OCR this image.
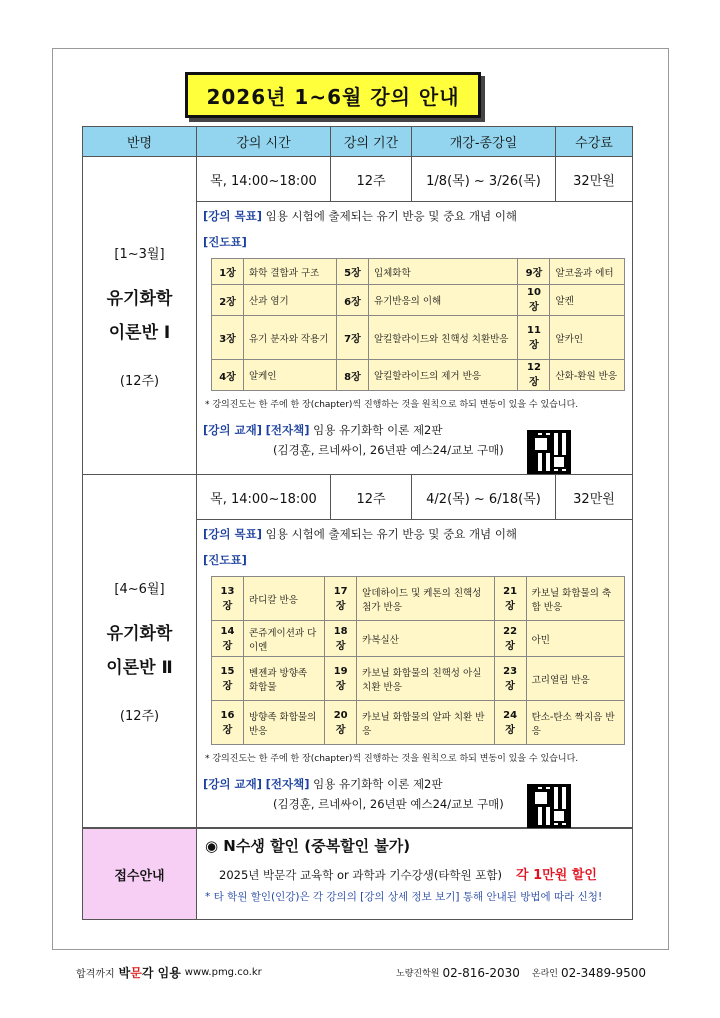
2026년 1~6월 강의 안내
반명	강의 시간	강의 기간	개강-종강일	수강료
[1~3월]
유기화학
이론반 Ⅰ
(12주)
목, 14:00~18:00	12주	1/8(목) ~ 3/26(목)	32만원
[강의 목표] 임용 시험에 출제되는 유기 반응 및 중요 개념 이해
[진도표]
1장	화학 결합과 구조	5장	입체화학	9장	알코올과 에터
2장	산과 염기	6장	유기반응의 이해	10장	알켄
3장	유기 분자와 작용기	7장	알킬할라이드와 친핵성 치환반응	11장	알카인
4장	알케인	8장	알킬할라이드의 제거 반응	12장	산화-환원 반응
* 강의진도는 한 주에 한 장(chapter)씩 진행하는 것을 원칙으로 하되 변동이 있을 수 있습니다.
[강의 교재] [전자책] 임용 유기화학 이론 제2판
(김경훈, 르네싸이, 26년판 예스24/교보 구매)
[4~6월]
유기화학
이론반 Ⅱ
(12주)
목, 14:00~18:00	12주	4/2(목) ~ 6/18(목)	32만원
[강의 목표] 임용 시험에 출제되는 유기 반응 및 중요 개념 이해
[진도표]
13장	라디칼 반응	17장	알데하이드 및 케톤의 친핵성 첨가 반응	21장	카보닐 화합물의 축합 반응
14장	콘쥬게이션과 다이엔	18장	카복실산	22장	아민
15장	벤젠과 방향족 화합물	19장	카보닐 화합물의 친핵성 아실 치환 반응	23장	고리열림 반응
16장	방향족 화합물의 반응	20장	카보닐 화합물의 알파 치환 반응	24장	탄소-탄소 짝지음 반응
* 강의진도는 한 주에 한 장(chapter)씩 진행하는 것을 원칙으로 하되 변동이 있을 수 있습니다.
[강의 교재] [전자책] 임용 유기화학 이론 제2판
(김경훈, 르네싸이, 26년판 예스24/교보 구매)
접수안내
◉ N수생 할인 (중복할인 불가)
2025년 박문각 교육학 or 과학과 기수강생(타학원 포함) 각 1만원 할인
* 타 학원 할인(인강)은 각 강의의 [강의 상세 정보 보기] 통해 안내된 방법에 따라 신청!
합격까지 박문각 임용 www.pmg.co.kr	노량진학원 02-816-2030 온라인 02-3489-9500
